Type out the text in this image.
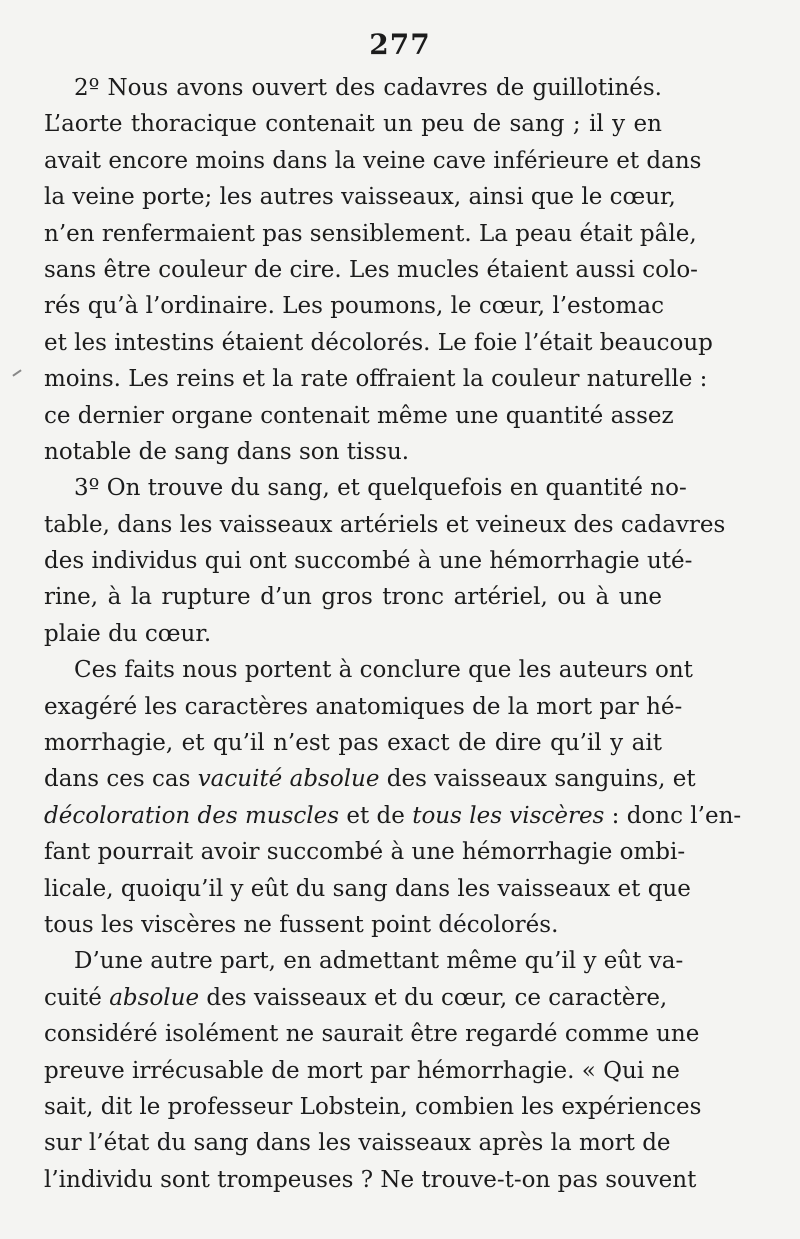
277
2º Nous avons ouvert des cadavres de guillotinés.
L’aorte thoracique contenait un peu de sang ; il y en
avait encore moins dans la veine cave inférieure et dans
la veine porte; les autres vaisseaux, ainsi que le cœur,
n’en renfermaient pas sensiblement. La peau était pâle,
sans être couleur de cire. Les mucles étaient aussi colo-
rés qu’à l’ordinaire. Les poumons, le cœur, l’estomac
et les intestins étaient décolorés. Le foie l’était beaucoup
moins. Les reins et la rate offraient la couleur naturelle :
ce dernier organe contenait même une quantité assez
notable de sang dans son tissu.
3º On trouve du sang, et quelquefois en quantité no-
table, dans les vaisseaux artériels et veineux des cadavres
des individus qui ont succombé à une hémorrhagie uté-
rine, à la rupture d’un gros tronc artériel, ou à une
plaie du cœur.
Ces faits nous portent à conclure que les auteurs ont
exagéré les caractères anatomiques de la mort par hé-
morrhagie, et qu’il n’est pas exact de dire qu’il y ait
dans ces cas vacuité absolue des vaisseaux sanguins, et
décoloration des muscles et de tous les viscères : donc l’en-
fant pourrait avoir succombé à une hémorrhagie ombi-
licale, quoiqu’il y eût du sang dans les vaisseaux et que
tous les viscères ne fussent point décolorés.
D’une autre part, en admettant même qu’il y eût va-
cuité absolue des vaisseaux et du cœur, ce caractère,
considéré isolément ne saurait être regardé comme une
preuve irrécusable de mort par hémorrhagie. « Qui ne
sait, dit le professeur Lobstein, combien les expériences
sur l’état du sang dans les vaisseaux après la mort de
l’individu sont trompeuses ? Ne trouve-t-on pas souvent
